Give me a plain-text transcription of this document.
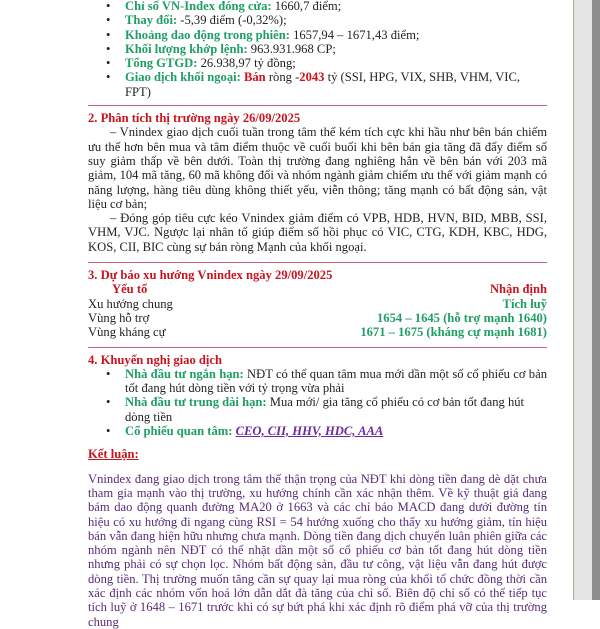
• Chỉ số VN-Index đóng cửa: 1660,7 điểm;
• Thay đổi: -5,39 điểm (-0,32%);
• Khoảng dao động trong phiên: 1657,94 – 1671,43 điểm;
• Khối lượng khớp lệnh: 963.931.968 CP;
• Tổng GTGD: 26.938,97 tỷ đồng;
• Giao dịch khối ngoại: Bán ròng -2043 tỷ (SSI, HPG, VIX, SHB, VHM, VIC, FPT)
2. Phân tích thị trường ngày 26/09/2025
– Vnindex giao dịch cuối tuần trong tâm thế kém tích cực khi hầu như bên bán chiếm ưu thế hơn bên mua và tâm điểm thuộc về cuối buổi khi bên bán gia tăng đã đẩy điểm số suy giảm thấp về bên dưới. Toàn thị trường đang nghiêng hẳn về bên bán với 203 mã giảm, 104 mã tăng, 60 mã không đổi và nhóm ngành giảm chiếm ưu thế với giảm mạnh có năng lượng, hàng tiêu dùng không thiết yếu, viễn thông; tăng mạnh có bất động sản, vật liệu cơ bản;
– Đóng góp tiêu cực kéo Vnindex giảm điểm có VPB, HDB, HVN, BID, MBB, SSI, VHM, VJC. Ngược lại nhân tố giúp điểm số hồi phục có VIC, CTG, KDH, KBC, HDG, KOS, CII, BIC cùng sự bán ròng Mạnh của khối ngoại.
3. Dự báo xu hướng Vnindex ngày 29/09/2025
Yếu tố	Nhận định
Xu hướng chung	Tích luỹ
Vùng hỗ trợ	1654 – 1645 (hỗ trợ mạnh 1640)
Vùng kháng cự	1671 – 1675 (kháng cự mạnh 1681)
4. Khuyến nghị giao dịch
• Nhà đầu tư ngắn hạn: NĐT có thể quan tâm mua mới dần một số cổ phiếu cơ bản tốt đang hút dòng tiền với tỷ trọng vừa phải
• Nhà đầu tư trung dài hạn: Mua mới/ gia tăng cổ phiếu có cơ bản tốt đang hút dòng tiền
• Cổ phiếu quan tâm: CEO, CII, HHV, HDC, AAA
Kết luận:
Vnindex đang giao dịch trong tâm thế thận trọng của NĐT khi dòng tiền đang dè dặt chưa tham gia mạnh vào thị trường, xu hướng chính cần xác nhận thêm. Về kỹ thuật giá đang bám dao động quanh đường MA20 ở 1663 và các chỉ báo MACD đang dưới đường tín hiệu có xu hướng đi ngang cùng RSI = 54 hướng xuống cho thấy xu hướng giảm, tín hiệu bán vẫn đang hiện hữu nhưng chưa mạnh. Dòng tiền đang dịch chuyển luân phiên giữa các nhóm ngành nên NĐT có thể nhặt dần một số cổ phiếu cơ bản tốt đang hút dòng tiền nhưng phải có sự chọn lọc. Nhóm bất động sản, đầu tư công, vật liệu vẫn đang hút được dòng tiền. Thị trường muốn tăng cần sự quay lại mua ròng của khối tổ chức đồng thời cần xác định các nhóm vốn hoá lớn dẫn dắt đà tăng của chỉ số. Biên độ chỉ số có thể tiếp tục tích luỹ ở 1648 – 1671 trước khi có sự bứt phá khi xác định rõ điểm phá vỡ của thị trường chung
